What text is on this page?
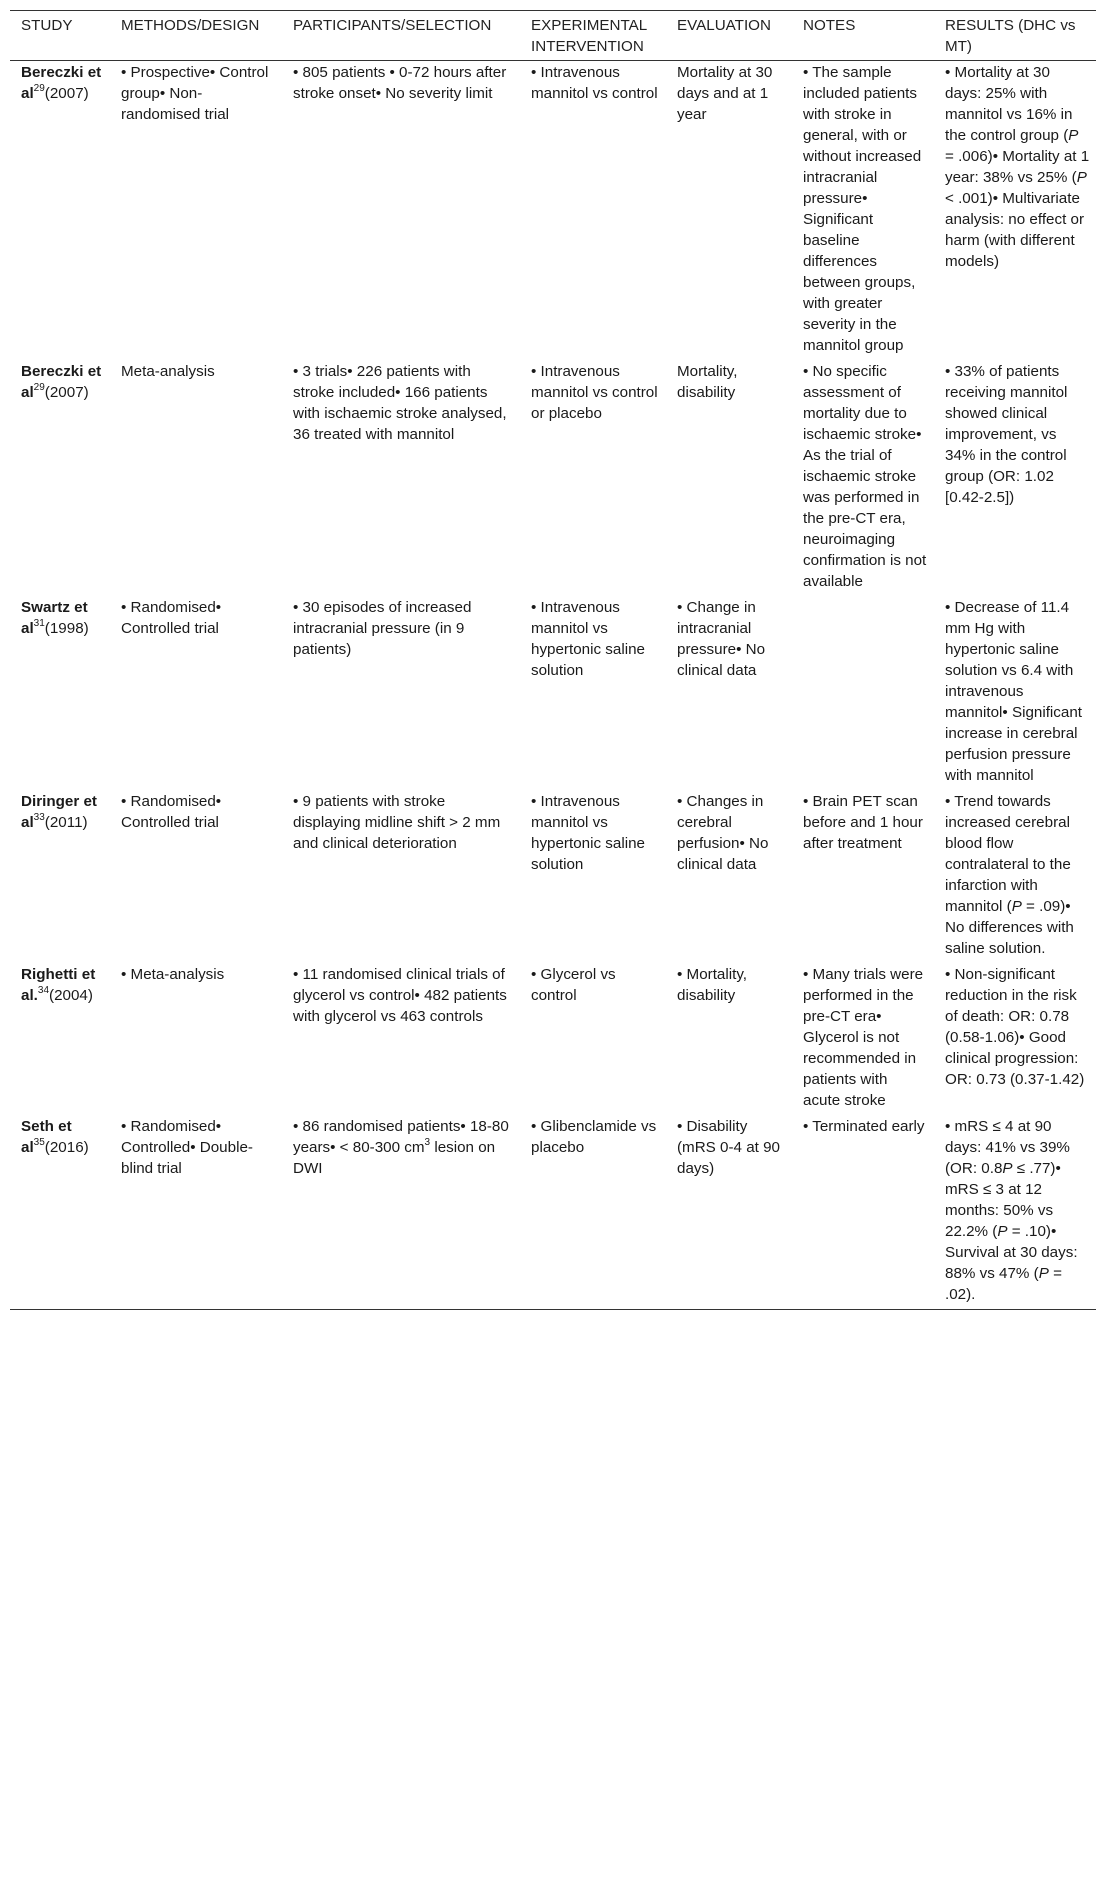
STUDY	METHODS/DESIGN	PARTICIPANTS/SELECTION	EXPERIMENTAL INTERVENTION	EVALUATION	NOTES	RESULTS (DHC vs MT)
Bereczki et $al^{29}(2007)$	• Prospective• Control group• Non-randomised trial	• 805 patients • 0-72 hours after stroke onset• No severity limit	• Intravenous mannitol vs control	Mortality at 30 days and at 1 year	• The sample included patients with stroke in general, with or without increased intracranial pressure• Significant baseline differences between groups, with greater severity in the mannitol group	• Mortality at 30 days: 25% with mannitol vs 16% in the control group (P = .006)• Mortality at 1 year: 38% vs 25% (P < .001)• Multivariate analysis: no effect or harm (with different models)
Bereczki et $al^{29}(2007)$	Meta-analysis	• 3 trials• 226 patients with stroke included• 166 patients with ischaemic stroke analysed, 36 treated with mannitol	• Intravenous mannitol vs control or placebo	Mortality, disability	• No specific assessment of mortality due to ischaemic stroke• As the trial of ischaemic stroke was performed in the pre-CT era, neuroimaging confirmation is not available	• 33% of patients receiving mannitol showed clinical improvement, vs 34% in the control group (OR: 1.02 [0.42-2.5])
Swartz et $al^{31}(1998)$	• Randomised• Controlled trial	• 30 episodes of increased intracranial pressure (in 9 patients)	• Intravenous mannitol vs hypertonic saline solution	• Change in intracranial pressure• No clinical data		• Decrease of 11.4 mm Hg with hypertonic saline solution vs 6.4 with intravenous mannitol• Significant increase in cerebral perfusion pressure with mannitol
Diringer et $al^{33}(2011)$	• Randomised• Controlled trial	• 9 patients with stroke displaying midline shift > 2 mm and clinical deterioration	• Intravenous mannitol vs hypertonic saline solution	• Changes in cerebral perfusion• No clinical data	• Brain PET scan before and 1 hour after treatment	• Trend towards increased cerebral blood flow contralateral to the infarction with mannitol (P = .09)• No differences with saline solution.
Righetti et al.$^{34}$(2004)	• Meta-analysis	• 11 randomised clinical trials of glycerol vs control• 482 patients with glycerol vs 463 controls	• Glycerol vs control	• Mortality, disability	• Many trials were performed in the pre-CT era• Glycerol is not recommended in patients with acute stroke	• Non-significant reduction in the risk of death: OR: 0.78 (0.58-1.06)• Good clinical progression: OR: 0.73 (0.37-1.42)
Seth et $al^{35}(2016)$	• Randomised• Controlled• Double-blind trial	• 86 randomised patients• 18-80 years• < 80-300 $cm^3$ lesion on DWI	• Glibenclamide vs placebo	• Disability (mRS 0-4 at 90 days)	• Terminated early	• mRS ≤ 4 at 90 days: 41% vs 39% (OR: 0.8P ≤ .77)• mRS ≤ 3 at 12 months: 50% vs 22.2% (P = .10)• Survival at 30 days: 88% vs 47% (P = .02).
